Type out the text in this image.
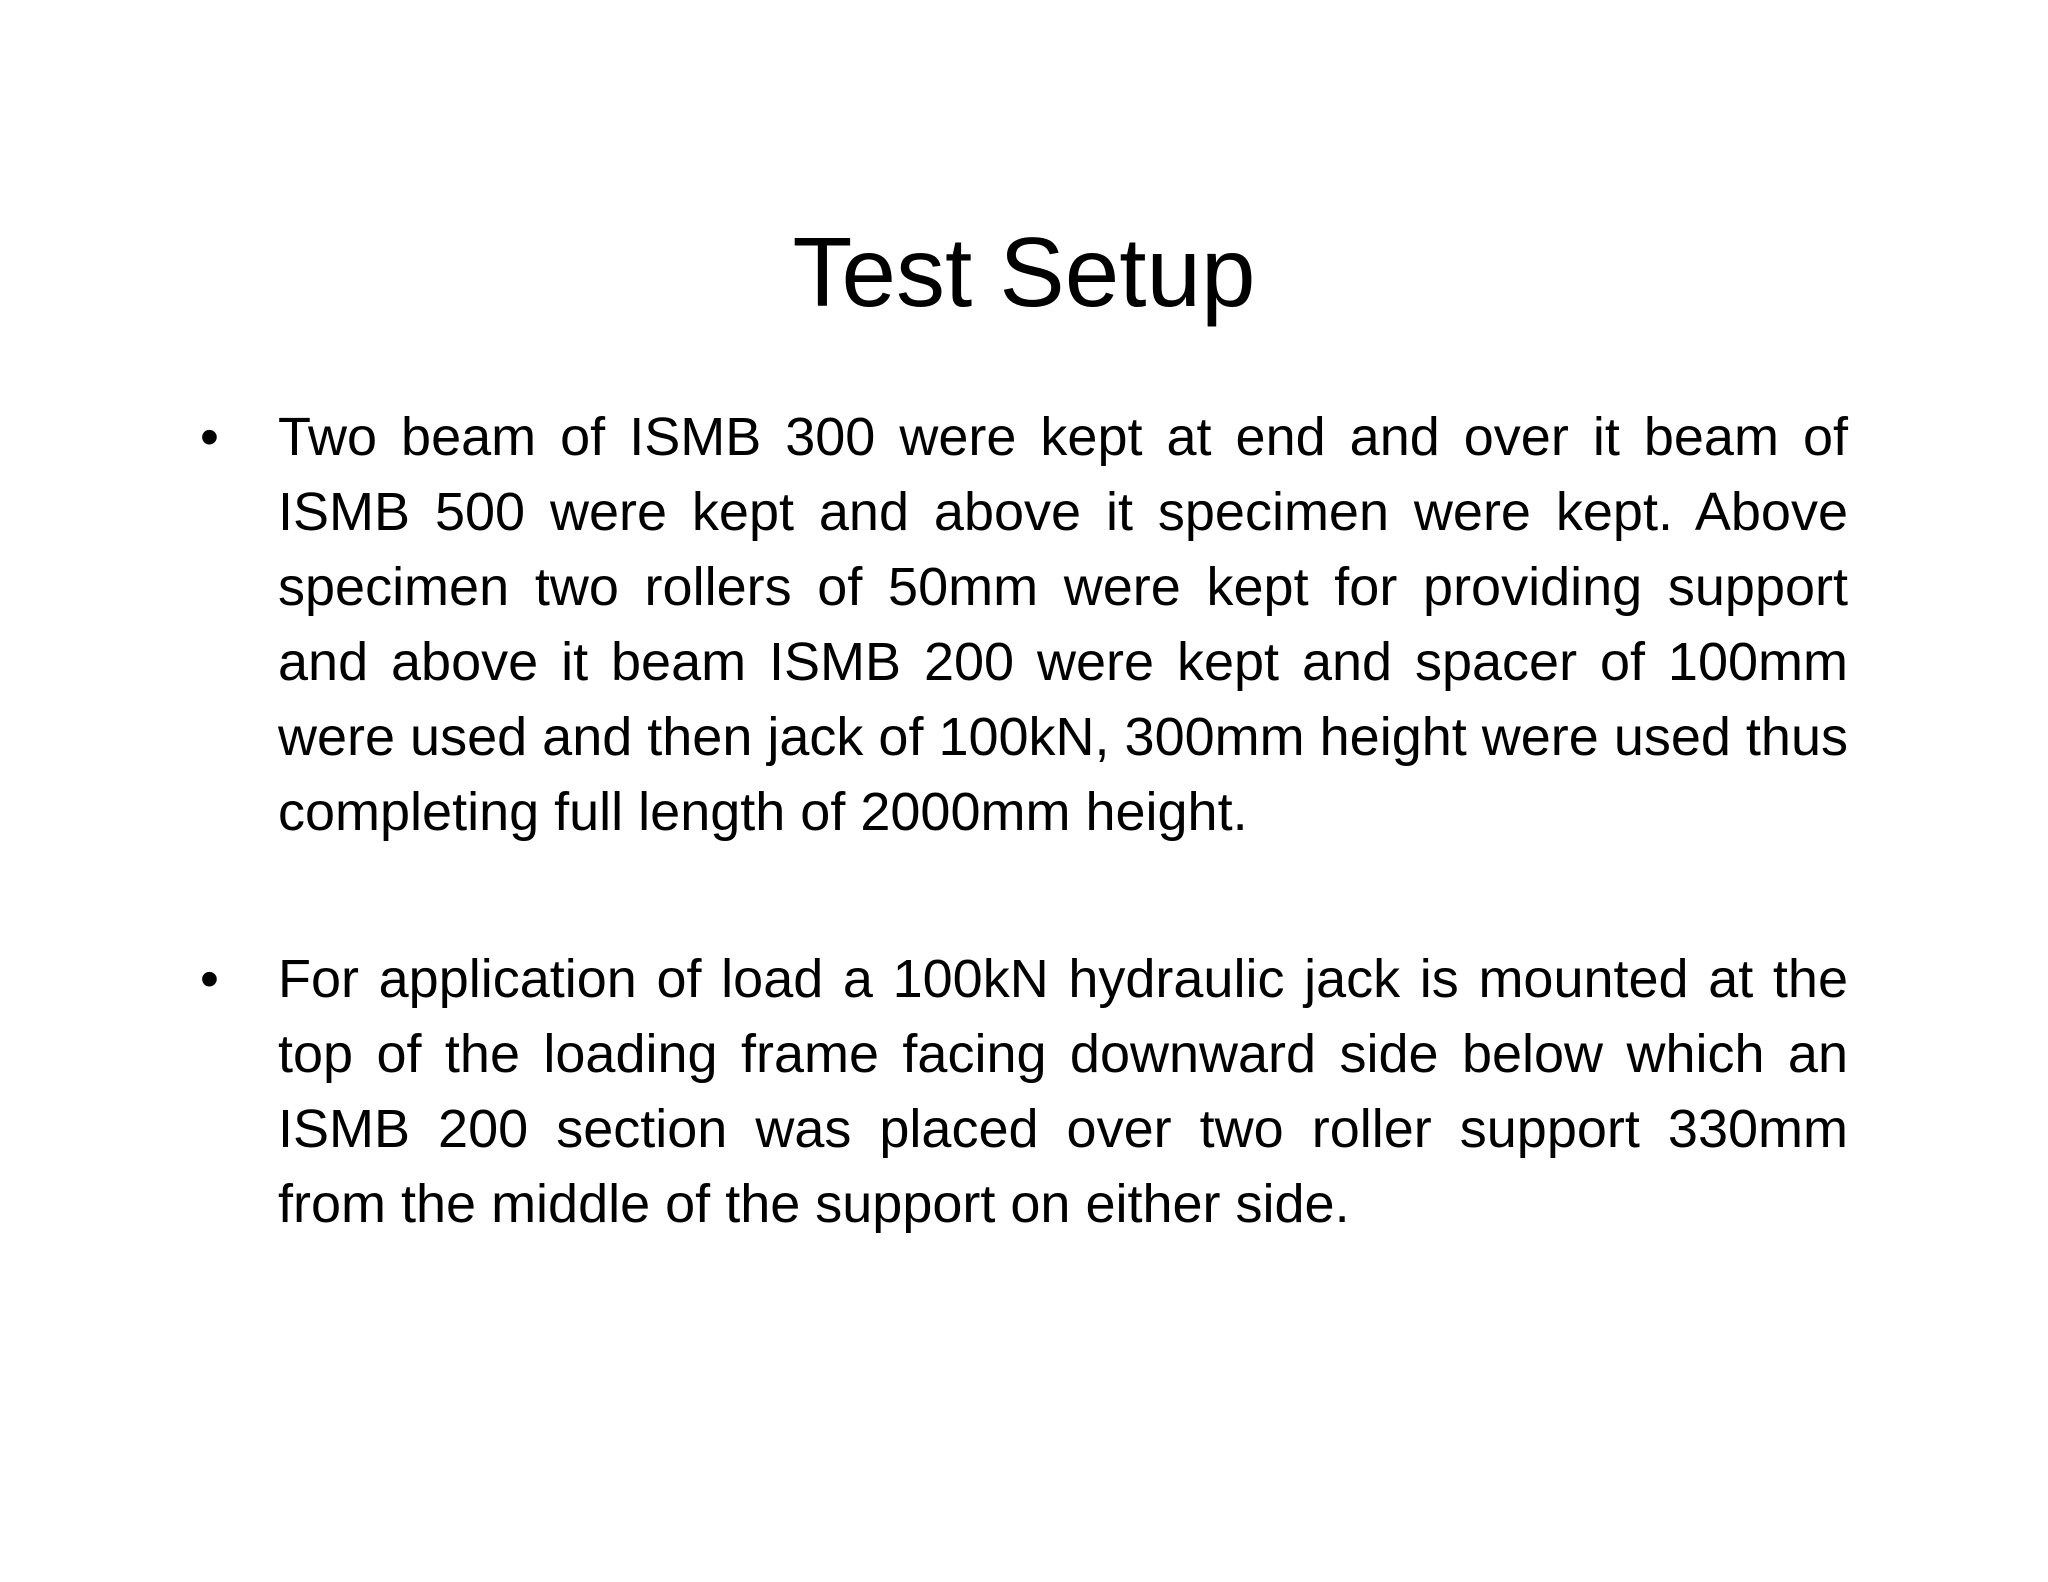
Test Setup
•	Two beam of ISMB 300 were kept at end and over it beam of ISMB 500 were kept and above it specimen were kept. Above specimen two rollers of 50mm were kept for providing support and above it beam ISMB 200 were kept and spacer of 100mm were used and then jack of 100kN, 300mm height were used thus completing full length of 2000mm height.
•	For application of load a 100kN hydraulic jack is mounted at the top of the loading frame facing downward side below which an ISMB 200 section was placed over two roller support 330mm from the middle of the support on either side.
